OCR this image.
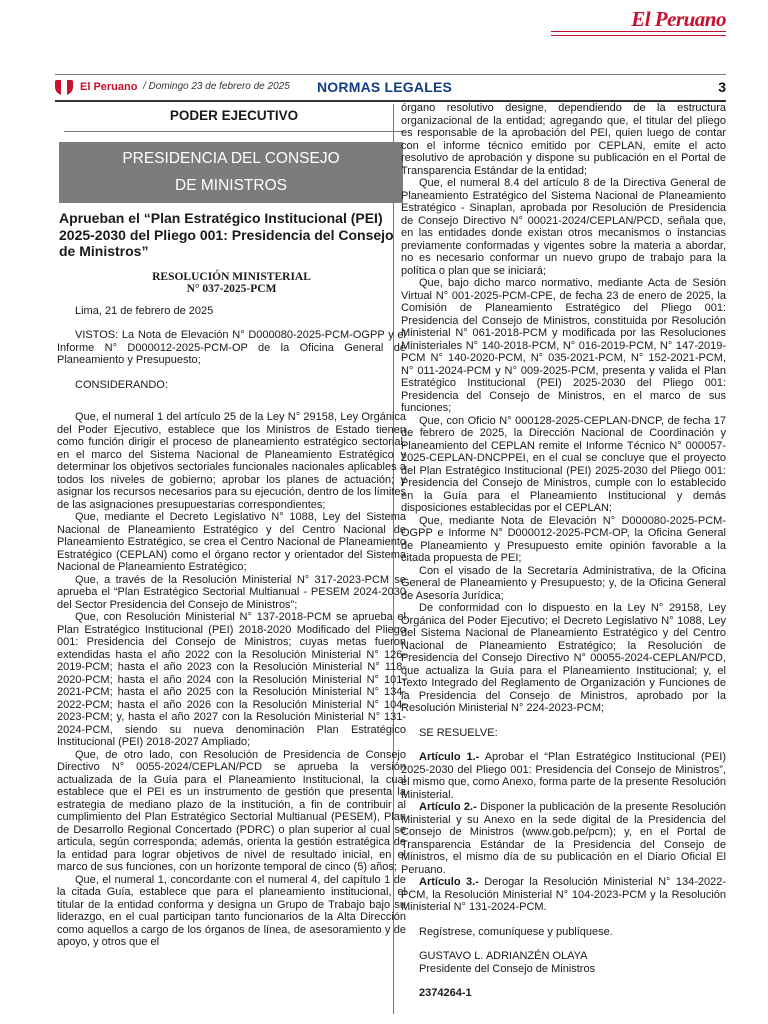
El Peruano
El Peruano / Domingo 23 de febrero de 2025 NORMAS LEGALES	3
PODER EJECUTIVO
PRESIDENCIA DEL CONSEJO
DE MINISTROS
Aprueban el “Plan Estratégico Institucional (PEI) 2025-2030 del Pliego 001: Presidencia del Consejo de Ministros”
RESOLUCIÓN MINISTERIAL
N° 037-2025-PCM

Lima, 21 de febrero de 2025

VISTOS: La Nota de Elevación N° D000080-2025-PCM-OGPP y el Informe N° D000012-2025-PCM-OP de la Oficina General de Planeamiento y Presupuesto;

CONSIDERANDO:

Que, el numeral 1 del artículo 25 de la Ley N° 29158, Ley Orgánica del Poder Ejecutivo, establece que los Ministros de Estado tienen como función dirigir el proceso de planeamiento estratégico sectorial, en el marco del Sistema Nacional de Planeamiento Estratégico y determinar los objetivos sectoriales funcionales nacionales aplicables a todos los niveles de gobierno; aprobar los planes de actuación; y asignar los recursos necesarios para su ejecución, dentro de los límites de las asignaciones presupuestarias correspondientes;

Que, mediante el Decreto Legislativo N° 1088, Ley del Sistema Nacional de Planeamiento Estratégico y del Centro Nacional de Planeamiento Estratégico, se crea el Centro Nacional de Planeamiento Estratégico (CEPLAN) como el órgano rector y orientador del Sistema Nacional de Planeamiento Estratégico;

Que, a través de la Resolución Ministerial N° 317-2023-PCM se aprueba el “Plan Estratégico Sectorial Multianual - PESEM 2024-2030 del Sector Presidencia del Consejo de Ministros”;

Que, con Resolución Ministerial N° 137-2018-PCM se aprueba el Plan Estratégico Institucional (PEI) 2018-2020 Modificado del Pliego 001: Presidencia del Consejo de Ministros; cuyas metas fueron extendidas hasta el año 2022 con la Resolución Ministerial N° 126-2019-PCM; hasta el año 2023 con la Resolución Ministerial N° 118-2020-PCM; hasta el año 2024 con la Resolución Ministerial N° 101-2021-PCM; hasta el año 2025 con la Resolución Ministerial N° 134-2022-PCM; hasta el año 2026 con la Resolución Ministerial N° 104-2023-PCM; y, hasta el año 2027 con la Resolución Ministerial N° 131-2024-PCM, siendo su nueva denominación Plan Estratégico Institucional (PEI) 2018-2027 Ampliado;

Que, de otro lado, con Resolución de Presidencia de Consejo Directivo N° 0055-2024/CEPLAN/PCD se aprueba la versión actualizada de la Guía para el Planeamiento Institucional, la cual establece que el PEI es un instrumento de gestión que presenta la estrategia de mediano plazo de la institución, a fin de contribuir al cumplimiento del Plan Estratégico Sectorial Multianual (PESEM), Plan de Desarrollo Regional Concertado (PDRC) o plan superior al cual se articula, según corresponda; además, orienta la gestión estratégica de la entidad para lograr objetivos de nivel de resultado inicial, en el marco de sus funciones, con un horizonte temporal de cinco (5) años;

Que, el numeral 1, concordante con el numeral 4, del capítulo 1 de la citada Guía, establece que para el planeamiento institucional, el titular de la entidad conforma y designa un Grupo de Trabajo bajo su liderazgo, en el cual participan tanto funcionarios de la Alta Dirección como aquellos a cargo de los órganos de línea, de asesoramiento y de apoyo, y otros que el

órgano resolutivo designe, dependiendo de la estructura organizacional de la entidad; agregando que, el titular del pliego es responsable de la aprobación del PEI, quien luego de contar con el informe técnico emitido por CEPLAN, emite el acto resolutivo de aprobación y dispone su publicación en el Portal de Transparencia Estándar de la entidad;

Que, el numeral 8.4 del artículo 8 de la Directiva General de Planeamiento Estratégico del Sistema Nacional de Planeamiento Estratégico - Sinaplan, aprobada por Resolución de Presidencia de Consejo Directivo N° 00021-2024/CEPLAN/PCD, señala que, en las entidades donde existan otros mecanismos o instancias previamente conformadas y vigentes sobre la materia a abordar, no es necesario conformar un nuevo grupo de trabajo para la política o plan que se iniciará;

Que, bajo dicho marco normativo, mediante Acta de Sesión Virtual N° 001-2025-PCM-CPE, de fecha 23 de enero de 2025, la Comisión de Planeamiento Estratégico del Pliego 001: Presidencia del Consejo de Ministros, constituida por Resolución Ministerial N° 061-2018-PCM y modificada por las Resoluciones Ministeriales N° 140-2018-PCM, N° 016-2019-PCM, N° 147-2019-PCM N° 140-2020-PCM, N° 035-2021-PCM, N° 152-2021-PCM, N° 011-2024-PCM y N° 009-2025-PCM, presenta y valida el Plan Estratégico Institucional (PEI) 2025-2030 del Pliego 001: Presidencia del Consejo de Ministros, en el marco de sus funciones;

Que, con Oficio N° 000128-2025-CEPLAN-DNCP, de fecha 17 de febrero de 2025, la Dirección Nacional de Coordinación y Planeamiento del CEPLAN remite el Informe Técnico N° 000057-2025-CEPLAN-DNCPPEI, en el cual se concluye que el proyecto del Plan Estratégico Institucional (PEI) 2025-2030 del Pliego 001: Presidencia del Consejo de Ministros, cumple con lo establecido en la Guía para el Planeamiento Institucional y demás disposiciones establecidas por el CEPLAN;

Que, mediante Nota de Elevación N° D000080-2025-PCM-OGPP e Informe N° D000012-2025-PCM-OP, la Oficina General de Planeamiento y Presupuesto emite opinión favorable a la citada propuesta de PEI;

Con el visado de la Secretaría Administrativa, de la Oficina General de Planeamiento y Presupuesto; y, de la Oficina General de Asesoría Jurídica;

De conformidad con lo dispuesto en la Ley N° 29158, Ley Orgánica del Poder Ejecutivo; el Decreto Legislativo N° 1088, Ley del Sistema Nacional de Planeamiento Estratégico y del Centro Nacional de Planeamiento Estratégico; la Resolución de Presidencia del Consejo Directivo N° 00055-2024-CEPLAN/PCD, que actualiza la Guía para el Planeamiento Institucional; y, el Texto Integrado del Reglamento de Organización y Funciones de la Presidencia del Consejo de Ministros, aprobado por la Resolución Ministerial N° 224-2023-PCM;

SE RESUELVE:

Artículo 1.- Aprobar el “Plan Estratégico Institucional (PEI) 2025-2030 del Pliego 001: Presidencia del Consejo de Ministros”, el mismo que, como Anexo, forma parte de la presente Resolución Ministerial.

Artículo 2.- Disponer la publicación de la presente Resolución Ministerial y su Anexo en la sede digital de la Presidencia del Consejo de Ministros (www.gob.pe/pcm); y, en el Portal de Transparencia Estándar de la Presidencia del Consejo de Ministros, el mismo día de su publicación en el Diario Oficial El Peruano.

Artículo 3.- Derogar la Resolución Ministerial N° 134-2022-PCM, la Resolución Ministerial N° 104-2023-PCM y la Resolución Ministerial N° 131-2024-PCM.

Regístrese, comuníquese y publíquese.

GUSTAVO L. ADRIANZÉN OLAYA

Presidente del Consejo de Ministros

2374264-1
